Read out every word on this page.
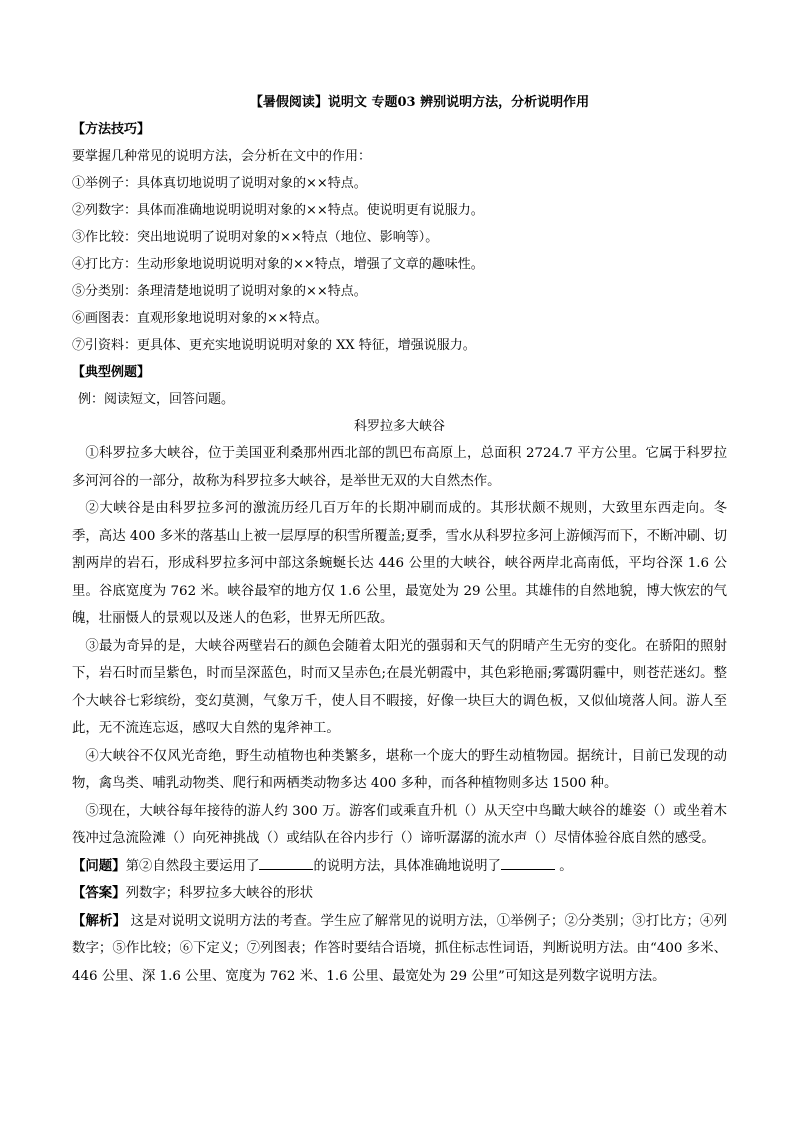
【暑假阅读】说明文 专题03 辨别说明方法，分析说明作用
【方法技巧】
要掌握几种常见的说明方法，会分析在文中的作用：
①举例子：具体真切地说明了说明对象的××特点。
②列数字：具体而准确地说明说明对象的××特点。使说明更有说服力。
③作比较：突出地说明了说明对象的××特点（地位、影响等）。
④打比方：生动形象地说明说明对象的××特点，增强了文章的趣味性。
⑤分类别：条理清楚地说明了说明对象的××特点。
⑥画图表：直观形象地说明对象的××特点。
⑦引资料：更具体、更充实地说明说明对象的 XX 特征，增强说服力。
【典型例题】
例：阅读短文，回答问题。
科罗拉多大峡谷

①科罗拉多大峡谷，位于美国亚利桑那州西北部的凯巴布高原上，总面积 2724.7 平方公里。它属于科罗拉多河河谷的一部分，故称为科罗拉多大峡谷，是举世无双的大自然杰作。

②大峡谷是由科罗拉多河的激流历经几百万年的长期冲刷而成的。其形状颇不规则，大致里东西走向。冬季，高达 400 多米的落基山上被一层厚厚的积雪所覆盖;夏季，雪水从科罗拉多河上游倾泻而下，不断冲刷、切割两岸的岩石，形成科罗拉多河中部这条蜿蜒长达 446 公里的大峡谷，峡谷两岸北高南低，平均谷深 1.6 公里。谷底宽度为 762 米。峡谷最窄的地方仅 1.6 公里，最宽处为 29 公里。其雄伟的自然地貌，博大恢宏的气魄，壮丽慑人的景观以及迷人的色彩，世界无所匹敌。

③最为奇异的是，大峡谷两壁岩石的颜色会随着太阳光的强弱和天气的阴晴产生无穷的变化。在骄阳的照射下，岩石时而呈紫色，时而呈深蓝色，时而又呈赤色;在晨光朝霞中，其色彩艳丽;雾霭阴霾中，则苍茫迷幻。整个大峡谷七彩缤纷，变幻莫测，气象万千，使人目不暇接，好像一块巨大的调色板，又似仙境落人间。游人至此，无不流连忘返，感叹大自然的鬼斧神工。

④大峡谷不仅风光奇绝，野生动植物也种类繁多，堪称一个庞大的野生动植物园。据统计，目前已发现的动物，禽鸟类、哺乳动物类、爬行和两栖类动物多达 400 多种，而各种植物则多达 1500 种。

⑤现在，大峡谷每年接待的游人约 300 万。游客们或乘直升机（）从天空中鸟瞰大峡谷的雄姿（）或坐着木筏冲过急流险滩（）向死神挑战（）或结队在谷内步行（）谛听潺潺的流水声（）尽情体验谷底自然的感受。

【问题】第②自然段主要运用了	的说明方法，具体准确地说明了	。

【答案】列数字；科罗拉多大峡谷的形状

【解析】 这是对说明文说明方法的考查。学生应了解常见的说明方法，①举例子；②分类别；③打比方；④列数字；⑤作比较；⑥下定义；⑦列图表；作答时要结合语境，抓住标志性词语，判断说明方法。由“400 多米、446 公里、深 1.6 公里、宽度为 762 米、1.6 公里、最宽处为 29 公里”可知这是列数字说明方法。
